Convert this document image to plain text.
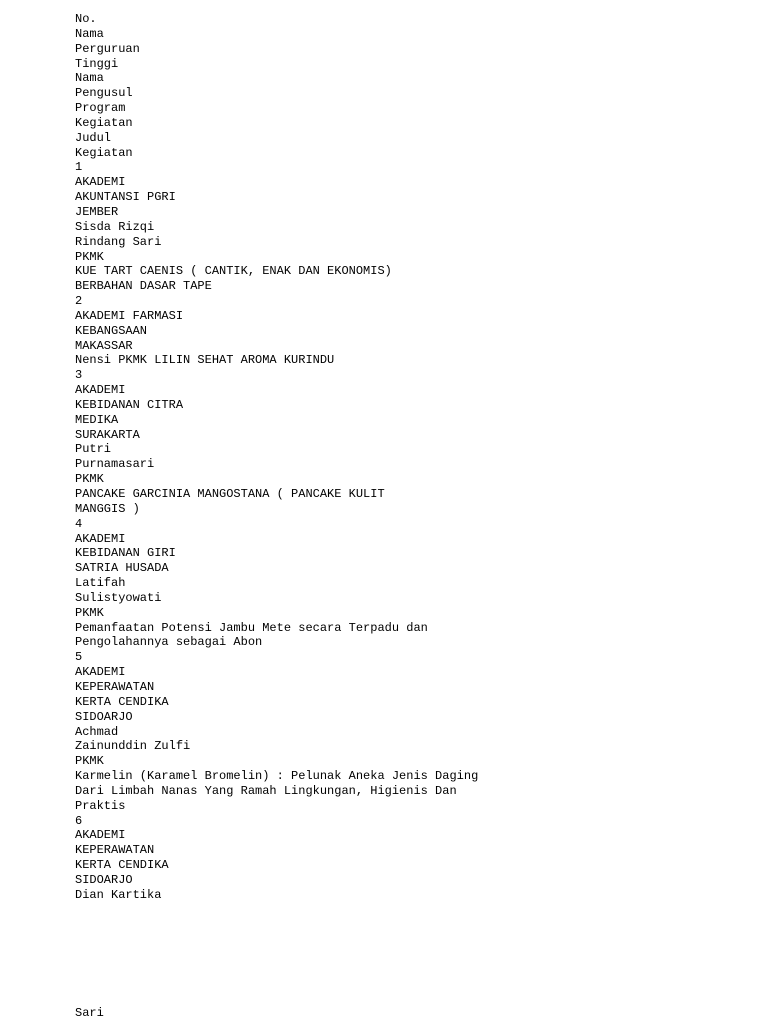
No.
Nama
Perguruan
Tinggi
Nama
Pengusul
Program
Kegiatan
Judul
Kegiatan
1
AKADEMI
AKUNTANSI PGRI
JEMBER
Sisda Rizqi
Rindang Sari
PKMK
KUE TART CAENIS ( CANTIK, ENAK DAN EKONOMIS)
BERBAHAN DASAR TAPE
2
AKADEMI FARMASI
KEBANGSAAN
MAKASSAR
Nensi PKMK LILIN SEHAT AROMA KURINDU
3
AKADEMI
KEBIDANAN CITRA
MEDIKA
SURAKARTA
Putri
Purnamasari
PKMK
PANCAKE GARCINIA MANGOSTANA ( PANCAKE KULIT
MANGGIS )
4
AKADEMI
KEBIDANAN GIRI
SATRIA HUSADA
Latifah
Sulistyowati
PKMK
Pemanfaatan Potensi Jambu Mete secara Terpadu dan
Pengolahannya sebagai Abon
5
AKADEMI
KEPERAWATAN
KERTA CENDIKA
SIDOARJO
Achmad
Zainunddin Zulfi
PKMK
Karmelin (Karamel Bromelin) : Pelunak Aneka Jenis Daging
Dari Limbah Nanas Yang Ramah Lingkungan, Higienis Dan
Praktis
6
AKADEMI
KEPERAWATAN
KERTA CENDIKA
SIDOARJO
Dian Kartika
Sari
